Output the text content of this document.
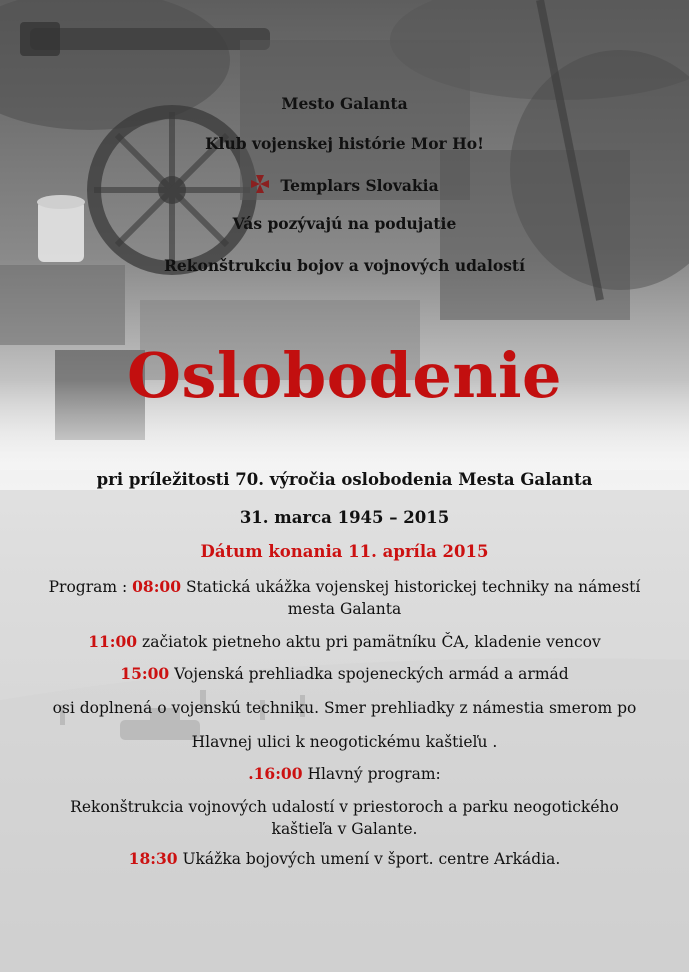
Mesto Galanta
Klub vojenskej histórie Mor Ho!
Templars Slovakia
Vás pozývajú na podujatie
Rekonštrukciu bojov a vojnových udalostí
Oslobodenie
pri príležitosti 70. výročia oslobodenia Mesta Galanta
31. marca 1945 – 2015
Dátum konania 11. apríla 2015
Program : 08:00 Statická ukážka vojenskej historickej techniky na námestí
mesta Galanta
11:00 začiatok pietneho aktu pri pamätníku ČA, kladenie vencov
15:00 Vojenská prehliadka spojeneckých armád a armád
osi doplnená o vojenskú techniku. Smer prehliadky z námestia smerom po
Hlavnej ulici k neogotickému kaštieľu .
.16:00 Hlavný program:
Rekonštrukcia vojnových udalostí v priestoroch a parku neogotického
kaštieľa v Galante.
18:30 Ukážka bojových umení v šport. centre Arkádia.
